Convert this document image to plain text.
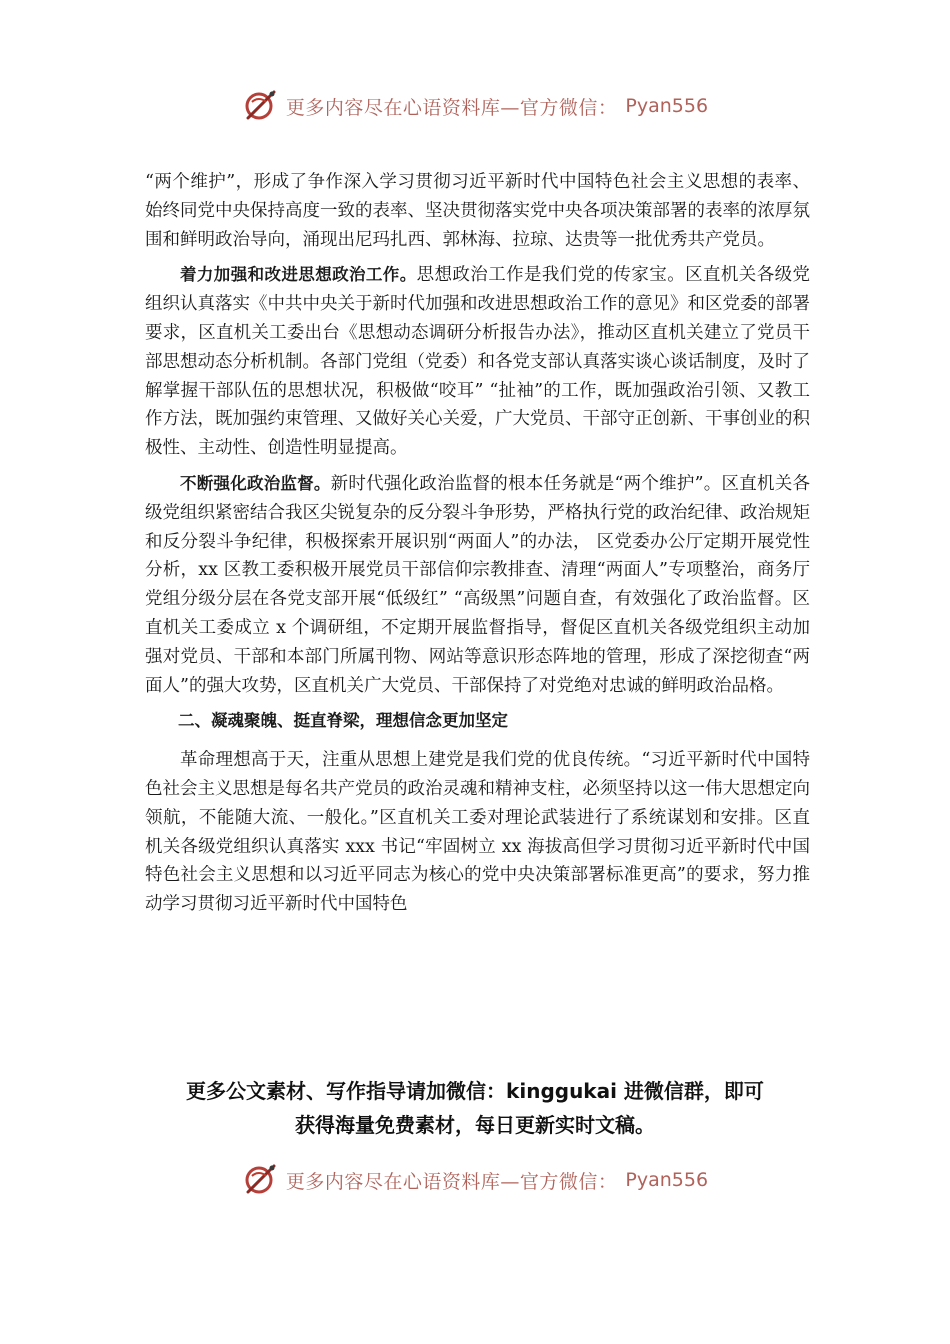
更多内容尽在心语资料库—官方微信： Pyan556

“两个维护”，形成了争作深入学习贯彻习近平新时代中国特色社会主义思想的表率、始终同党中央保持高度一致的表率、坚决贯彻落实党中央各项决策部署的表率的浓厚氛围和鲜明政治导向，涌现出尼玛扎西、郭林海、拉琼、达贵等一批优秀共产党员。

着力加强和改进思想政治工作。思想政治工作是我们党的传家宝。区直机关各级党组织认真落实《中共中央关于新时代加强和改进思想政治工作的意见》和区党委的部署要求，区直机关工委出台《思想动态调研分析报告办法》，推动区直机关建立了党员干部思想动态分析机制。各部门党组（党委）和各党支部认真落实谈心谈话制度，及时了解掌握干部队伍的思想状况，积极做“咬耳” “扯袖”的工作，既加强政治引领、又教工作方法，既加强约束管理、又做好关心关爱，广大党员、干部守正创新、干事创业的积极性、主动性、创造性明显提高。

不断强化政治监督。新时代强化政治监督的根本任务就是“两个维护”。区直机关各级党组织紧密结合我区尖锐复杂的反分裂斗争形势，严格执行党的政治纪律、政治规矩和反分裂斗争纪律，积极探索开展识别“两面人”的办法， 区党委办公厅定期开展党性分析，xx 区教工委积极开展党员干部信仰宗教排查、清理“两面人”专项整治，商务厅党组分级分层在各党支部开展“低级红” “高级黑”问题自查，有效强化了政治监督。区直机关工委成立 x 个调研组，不定期开展监督指导，督促区直机关各级党组织主动加强对党员、干部和本部门所属刊物、网站等意识形态阵地的管理，形成了深挖彻查“两面人”的强大攻势，区直机关广大党员、干部保持了对党绝对忠诚的鲜明政治品格。

二、凝魂聚魄、挺直脊梁，理想信念更加坚定

革命理想高于天，注重从思想上建党是我们党的优良传统。“习近平新时代中国特色社会主义思想是每名共产党员的政治灵魂和精神支柱，必须坚持以这一伟大思想定向领航，不能随大流、一般化。”区直机关工委对理论武装进行了系统谋划和安排。区直机关各级党组织认真落实 xxx 书记“牢固树立 xx 海拔高但学习贯彻习近平新时代中国特色社会主义思想和以习近平同志为核心的党中央决策部署标准更高”的要求，努力推动学习贯彻习近平新时代中国特色

更多公文素材、写作指导请加微信：kinggukai 进微信群，即可
获得海量免费素材，每日更新实时文稿。
更多内容尽在心语资料库—官方微信： Pyan556
